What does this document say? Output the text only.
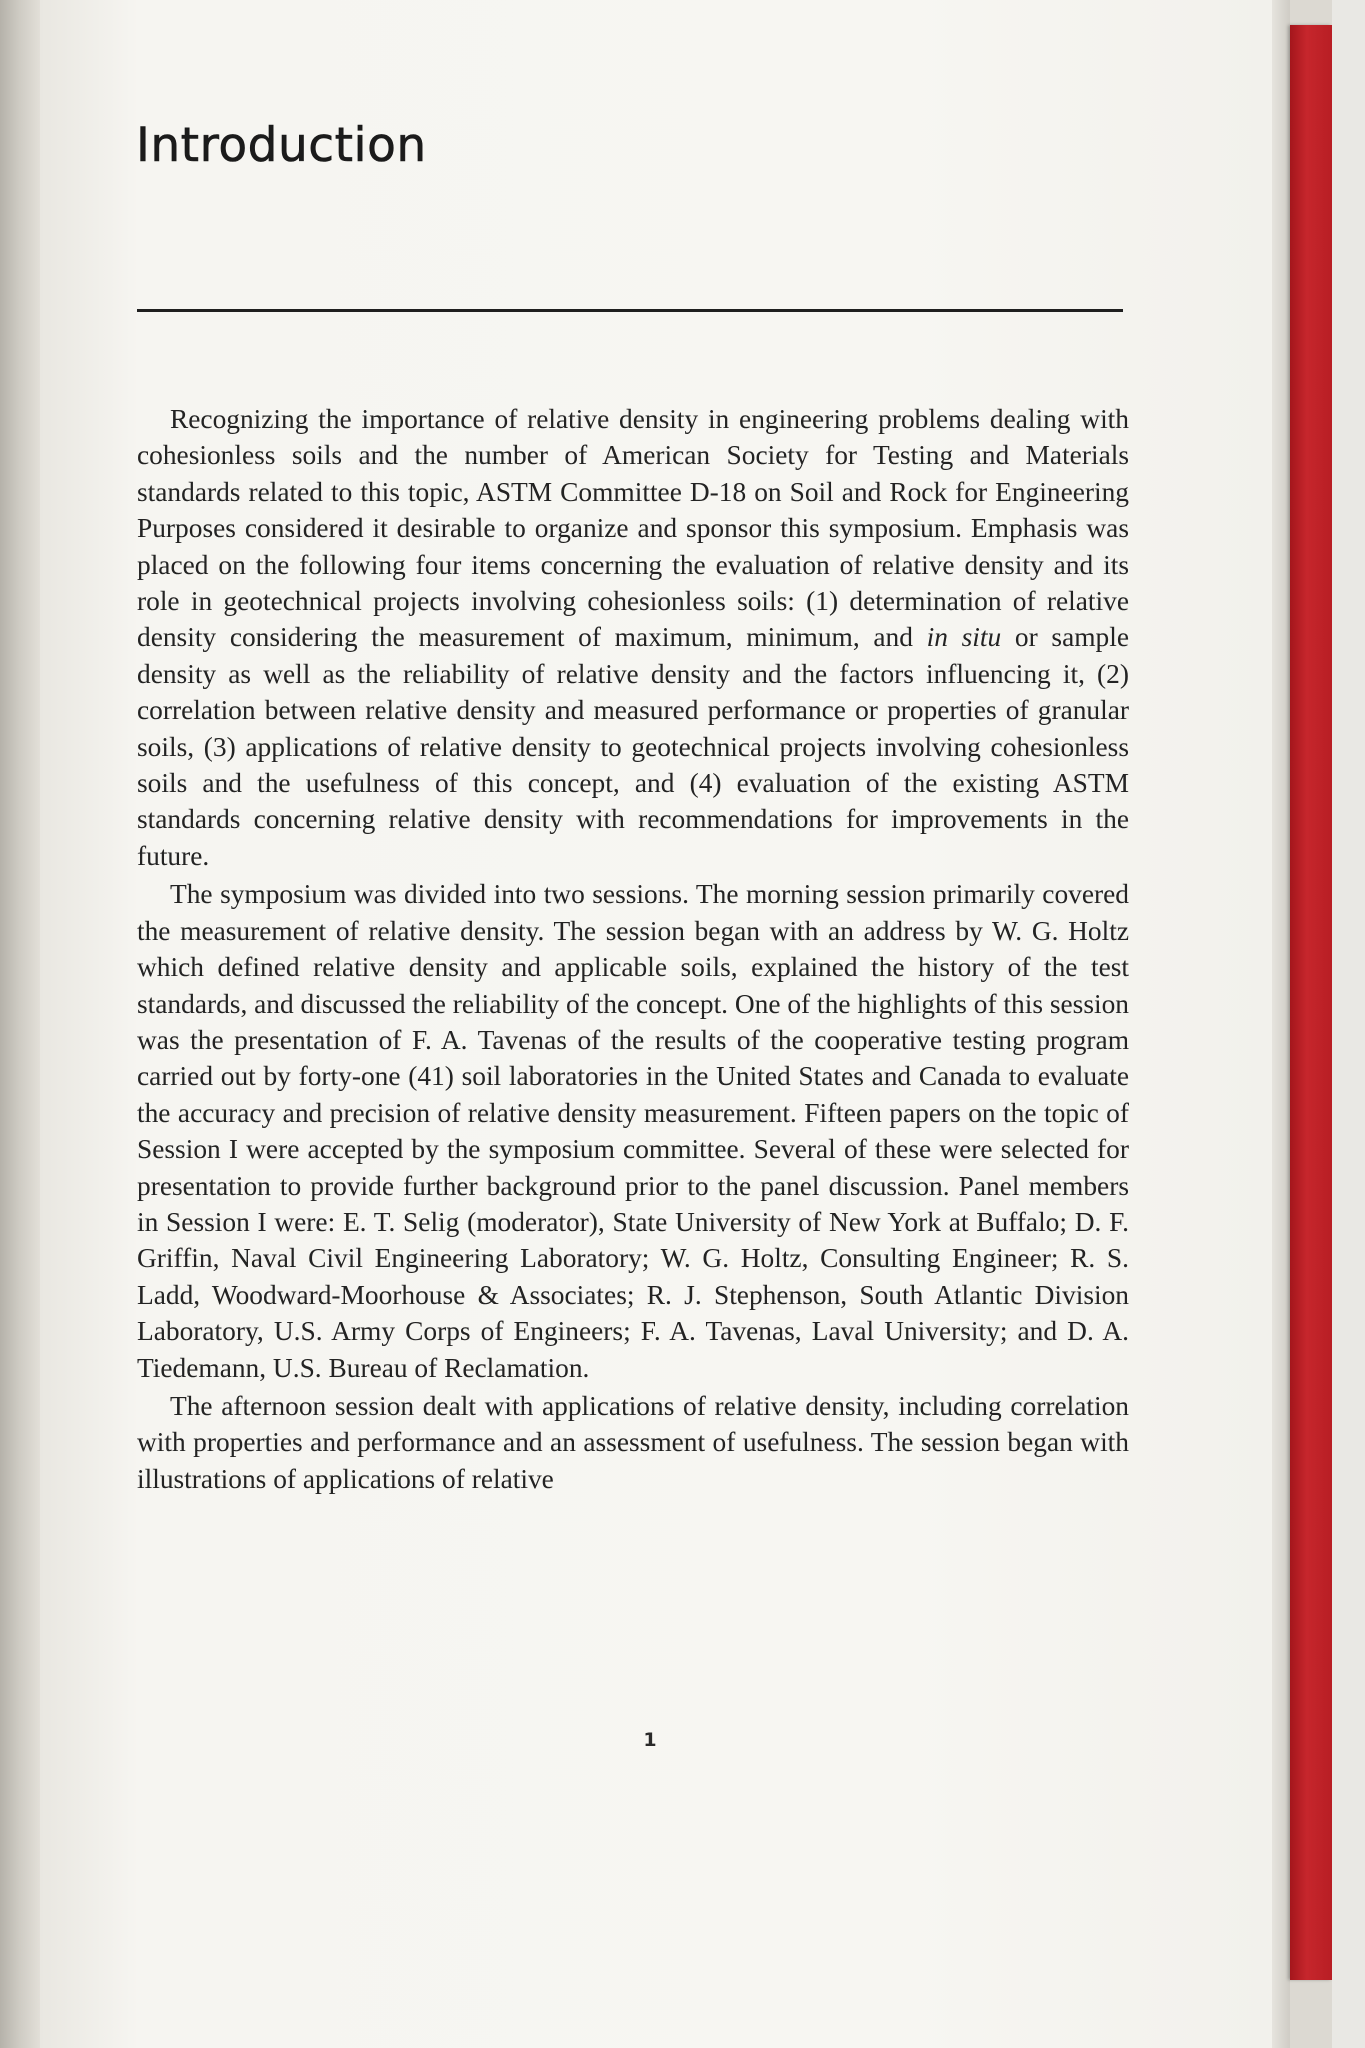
Introduction

Recognizing the importance of relative density in engineering problems dealing with cohesionless soils and the number of American Society for Testing and Materials standards related to this topic, ASTM Committee D-18 on Soil and Rock for Engineering Purposes considered it desirable to organize and sponsor this symposium. Emphasis was placed on the following four items concerning the evaluation of relative density and its role in geotechnical projects involving cohesionless soils: (1) determination of relative density considering the measurement of maximum, minimum, and in situ or sample density as well as the reliability of relative density and the factors influencing it, (2) correlation between relative density and measured performance or properties of granular soils, (3) applications of relative density to geotechnical projects involving cohesionless soils and the usefulness of this concept, and (4) evaluation of the existing ASTM standards concerning relative density with recommendations for improvements in the future.

The symposium was divided into two sessions. The morning session primarily covered the measurement of relative density. The session began with an address by W. G. Holtz which defined relative density and applicable soils, explained the history of the test standards, and discussed the reliability of the concept. One of the highlights of this session was the presentation of F. A. Tavenas of the results of the cooperative testing program carried out by forty-one (41) soil laboratories in the United States and Canada to evaluate the accuracy and precision of relative density measurement. Fifteen papers on the topic of Session I were accepted by the symposium committee. Several of these were selected for presentation to provide further background prior to the panel discussion. Panel members in Session I were: E. T. Selig (moderator), State University of New York at Buffalo; D. F. Griffin, Naval Civil Engineering Laboratory; W. G. Holtz, Consulting Engineer; R. S. Ladd, Woodward-Moorhouse & Associates; R. J. Stephenson, South Atlantic Division Laboratory, U.S. Army Corps of Engineers; F. A. Tavenas, Laval University; and D. A. Tiedemann, U.S. Bureau of Reclamation.

The afternoon session dealt with applications of relative density, including correlation with properties and performance and an assessment of usefulness. The session began with illustrations of applications of relative

1
